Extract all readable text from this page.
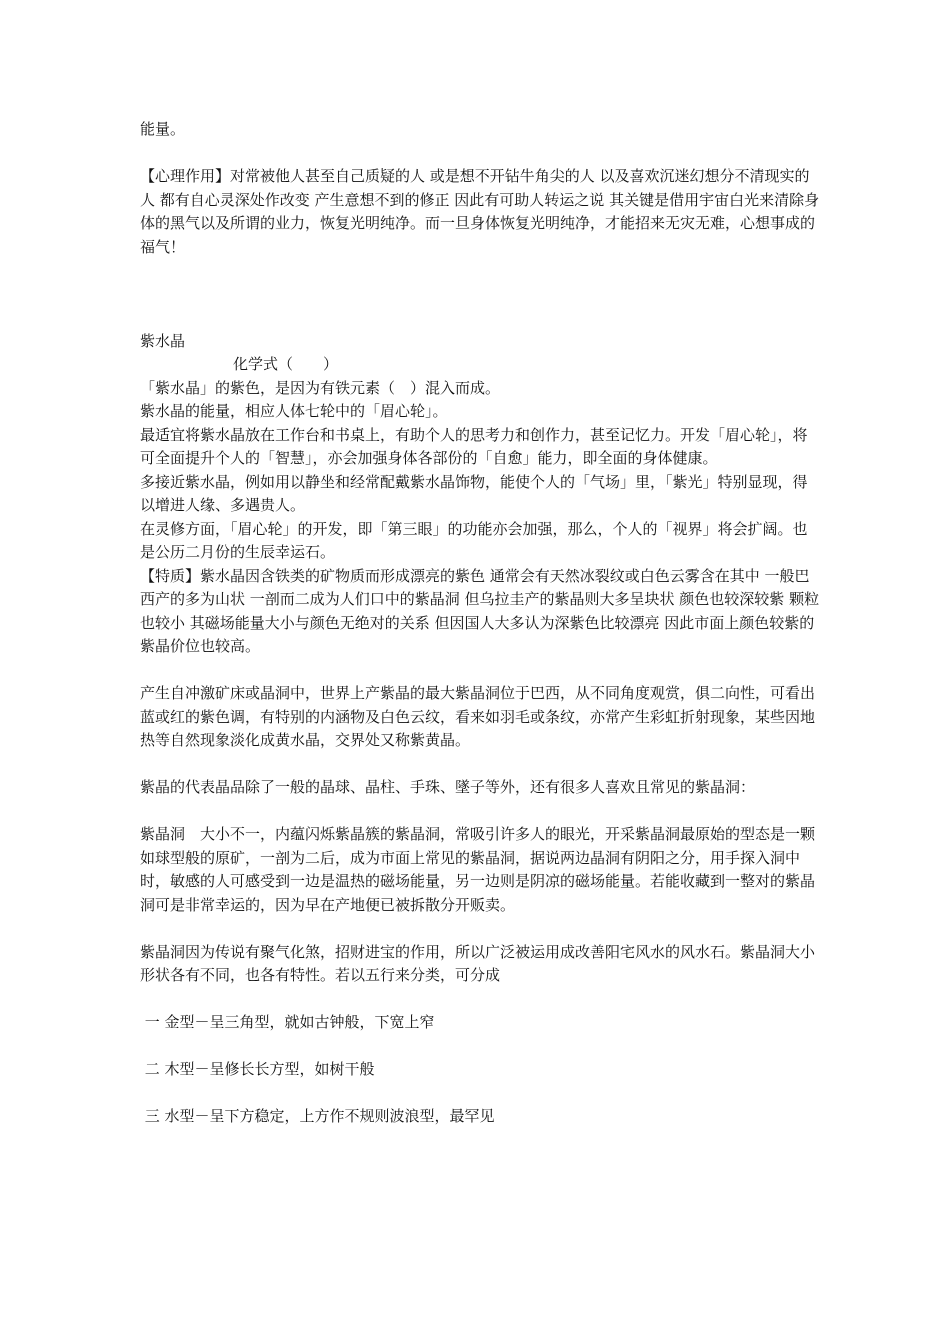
能量。

【心理作用】对常被他人甚至自己质疑的人 或是想不开钻牛角尖的人 以及喜欢沉迷幻想分不清现实的人 都有自心灵深处作改变 产生意想不到的修正 因此有可助人转运之说 其关键是借用宇宙白光来清除身体的黑气以及所谓的业力，恢复光明纯净。而一旦身体恢复光明纯净，才能招来无灾无难，心想事成的福气！

紫水晶

化学式（　　）

「紫水晶」的紫色，是因为有铁元素（　）混入而成。

紫水晶的能量，相应人体七轮中的「眉心轮」。

最适宜将紫水晶放在工作台和书桌上，有助个人的思考力和创作力，甚至记忆力。开发「眉心轮」，将可全面提升个人的「智慧」，亦会加强身体各部份的「自愈」能力，即全面的身体健康。

多接近紫水晶，例如用以静坐和经常配戴紫水晶饰物，能使个人的「气场」里，「紫光」特别显现，得以增进人缘、多遇贵人。

在灵修方面，「眉心轮」的开发，即「第三眼」的功能亦会加强，那么，个人的「视界」将会扩阔。也是公历二月份的生辰幸运石。

【特质】紫水晶因含铁类的矿物质而形成漂亮的紫色 通常会有天然冰裂纹或白色云雾含在其中 一般巴西产的多为山状 一剖而二成为人们口中的紫晶洞 但乌拉圭产的紫晶则大多呈块状 颜色也较深较紫 颗粒也较小 其磁场能量大小与颜色无绝对的关系 但因国人大多认为深紫色比较漂亮 因此市面上颜色较紫的紫晶价位也较高。

产生自冲激矿床或晶洞中，世界上产紫晶的最大紫晶洞位于巴西，从不同角度观赏，俱二向性，可看出蓝或红的紫色调，有特别的内涵物及白色云纹，看来如羽毛或条纹，亦常产生彩虹折射现象，某些因地热等自然现象淡化成黄水晶，交界处又称紫黄晶。

紫晶的代表晶品除了一般的晶球、晶柱、手珠、墜子等外，还有很多人喜欢且常见的紫晶洞：

紫晶洞　大小不一，内蕴闪烁紫晶簇的紫晶洞，常吸引许多人的眼光，开采紫晶洞最原始的型态是一颗如球型般的原矿，一剖为二后，成为市面上常见的紫晶洞，据说两边晶洞有阴阳之分，用手探入洞中时，敏感的人可感受到一边是温热的磁场能量，另一边则是阴凉的磁场能量。若能收藏到一整对的紫晶洞可是非常幸运的，因为早在产地便已被拆散分开贩卖。

紫晶洞因为传说有聚气化煞，招财进宝的作用，所以广泛被运用成改善阳宅风水的风水石。紫晶洞大小形状各有不同，也各有特性。若以五行来分类，可分成

一 金型－呈三角型，就如古钟般，下宽上窄

二 木型－呈修长长方型，如树干般

三 水型－呈下方稳定，上方作不规则波浪型，最罕见
